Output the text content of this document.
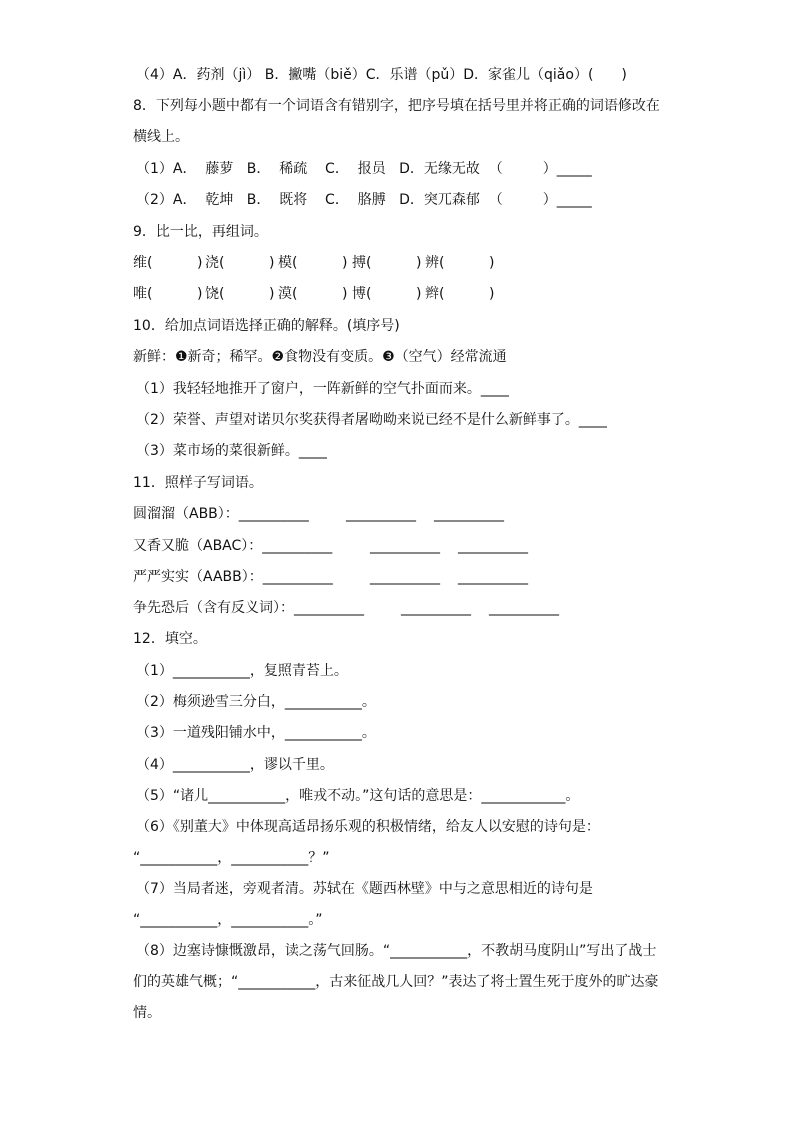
（4）A．药剂（jì） B．撇嘴（biě）C．乐谱（pǔ）D．家雀儿（qiǎo）(　　)
8．下列每小题中都有一个词语含有错别字，把序号填在括号里并将正确的词语修改在
横线上。
（1）A．  藤萝   B．  稀疏    C．  报员   D．无缘无故  （         ）_____
（2）A．  乾坤   B．  既将    C．  胳膊   D．突兀森郁  （         ）_____
9．比一比，再组词。
维(          ) 浇(          ) 模(          ) 搏(          ) 辨(          )
唯(          ) 饶(          ) 漠(          ) 博(          ) 辫(          )
10．给加点词语选择正确的解释。(填序号)
新鲜：❶新奇；稀罕。❷食物没有变质。❸（空气）经常流通
（1）我轻轻地推开了窗户，一阵新鲜的空气扑面而来。____
（2）荣誉、声望对诺贝尔奖获得者屠呦呦来说已经不是什么新鲜事了。____
（3）菜市场的菜很新鲜。____
11．照样子写词语。
圆溜溜（ABB）：__________	__________ __________
又香又脆（ABAC）：__________	__________ __________
严严实实（AABB）：__________	__________ __________
争先恐后（含有反义词）：__________	__________ __________
12．填空。
（1）___________，复照青苔上。
（2）梅须逊雪三分白，___________。
（3）一道残阳铺水中，___________。
（4）___________，谬以千里。
（5）“诸儿___________，唯戎不动。”这句话的意思是：____________。
（6）《别董大》中体现高适昂扬乐观的积极情绪，给友人以安慰的诗句是：
“___________，___________？”
（7）当局者迷，旁观者清。苏轼在《题西林壁》中与之意思相近的诗句是
“___________，___________。”
（8）边塞诗慷慨激昂，读之荡气回肠。“___________，不教胡马度阴山”写出了战士
们的英雄气概；“___________，古来征战几人回？”表达了将士置生死于度外的旷达豪
情。
